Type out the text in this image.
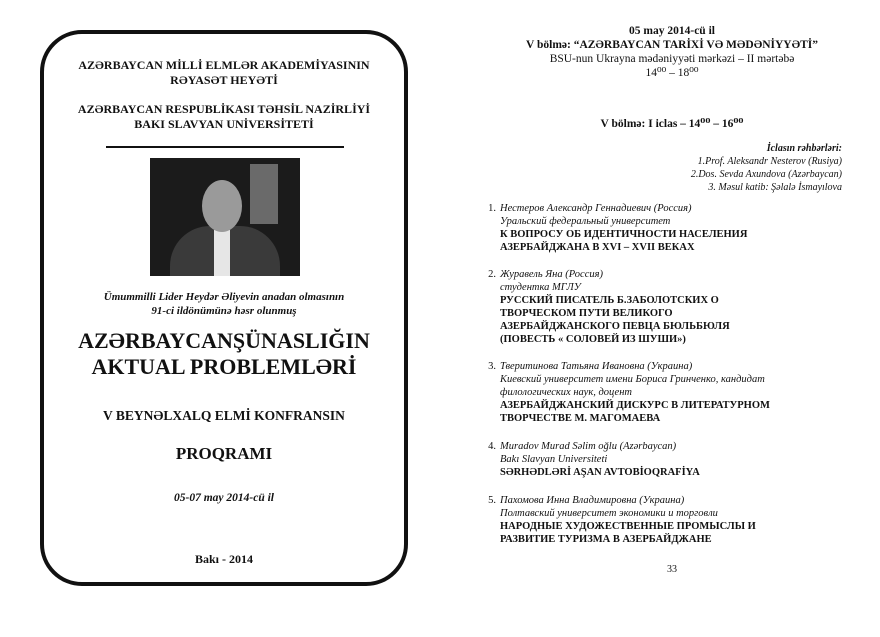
AZƏRBAYCAN MİLLİ ELMLƏR AKADEMİYASININ
RƏYASƏT HEYƏTİ
AZƏRBAYCAN RESPUBLİKASI TƏHSİL NAZİRLİYİ
BAKI SLAVYAN UNİVERSİTETİ
Ümummilli Lider Heydər Əliyevin anadan olmasının
91-ci ildönümünə həsr olunmuş
AZƏRBAYCANŞÜNASLIĞIN
AKTUAL PROBLEMLƏRİ
V BEYNƏLXALQ ELMİ KONFRANSIN
PROQRAMI
05-07 may 2014-cü il
Bakı - 2014
05 may 2014-cü il
V bölmə: “AZƏRBAYCAN TARİXİ VƏ MƏDƏNİYYƏTİ”
BSU-nun Ukrayna mədəniyyəti mərkəzi – II mərtəbə
14⁰⁰ – 18⁰⁰
V bölmə: I iclas – 14⁰⁰ – 16⁰⁰
İclasın rəhbərləri:
1.Prof. Aleksandr Nesterov (Rusiya)
2.Dos. Sevda Axundova (Azərbaycan)
3. Məsul katib: Şəlalə İsmayılova
1. Нестеров Александр Геннадиевич (Россия)
Уральский федеральный университет
К ВОПРОСУ ОБ ИДЕНТИЧНОСТИ НАСЕЛЕНИЯ
АЗЕРБАЙДЖАНА В XVI – XVII ВЕКАХ
2. Журавель Яна (Россия)
студентка МГЛУ
РУССКИЙ ПИСАТЕЛЬ Б.ЗАБОЛОТСКИХ О
ТВОРЧЕСКОМ ПУТИ ВЕЛИКОГО
АЗЕРБАЙДЖАНСКОГО ПЕВЦА БЮЛЬБЮЛЯ
(ПОВЕСТЬ « СОЛОВЕЙ ИЗ ШУШИ»)
3. Тверитинова Татьяна Ивановна (Украина)
Киевский университет имени Бориса Гринченко, кандидат
филологических наук, доцент
АЗЕРБАЙДЖАНСКИЙ ДИСКУРС В ЛИТЕРАТУРНОМ
ТВОРЧЕСТВЕ М. МАГОМАЕВА
4. Muradov Murad Səlim oğlu (Azərbaycan)
Bakı Slavyan Universiteti
SƏRHƏDLƏRİ AŞAN AVTOBİOQRAFİYA
5. Пахомова Инна Владимировна (Украина)
Полтавский университет экономики и торговли
НАРОДНЫЕ ХУДОЖЕСТВЕННЫЕ ПРОМЫСЛЫ И
РАЗВИТИЕ ТУРИЗМА В АЗЕРБАЙДЖАНЕ
33
